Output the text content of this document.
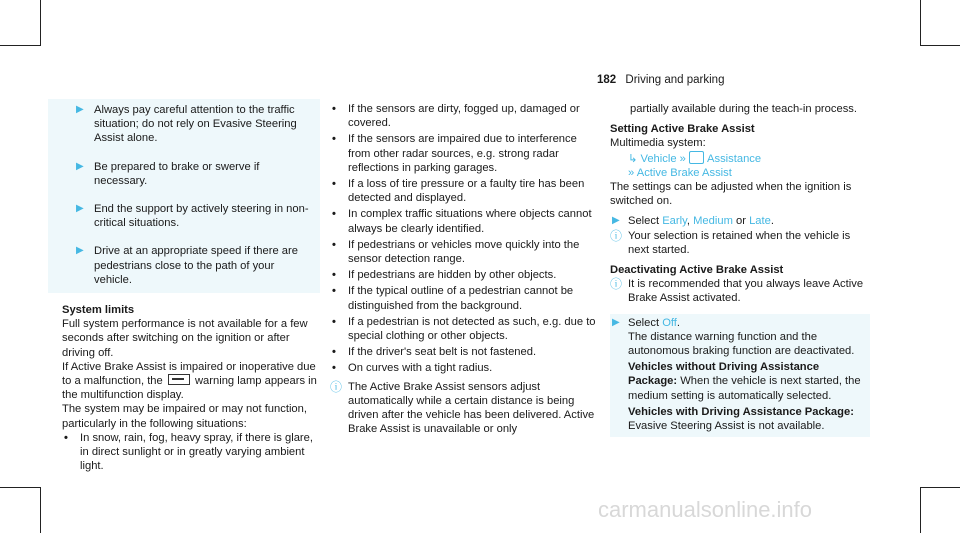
182 Driving and parking
▶ Always pay careful attention to the traffic situation; do not rely on Evasive Steering Assist alone.
▶ Be prepared to brake or swerve if necessary.
▶ End the support by actively steering in non-critical situations.
▶ Drive at an appropriate speed if there are pedestrians close to the path of your vehicle.
System limits
Full system performance is not available for a few seconds after switching on the ignition or after driving off.
If Active Brake Assist is impaired or inoperative due to a malfunction, the	warning lamp appears in the multifunction display.
The system may be impaired or may not function, particularly in the following situations:
• In snow, rain, fog, heavy spray, if there is glare, in direct sunlight or in greatly varying ambient light.
• If the sensors are dirty, fogged up, damaged or covered.
• If the sensors are impaired due to interference from other radar sources, e.g. strong radar reflections in parking garages.
• If a loss of tire pressure or a faulty tire has been detected and displayed.
• In complex traffic situations where objects cannot always be clearly identified.
• If pedestrians or vehicles move quickly into the sensor detection range.
• If pedestrians are hidden by other objects.
• If the typical outline of a pedestrian cannot be distinguished from the background.
• If a pedestrian is not detected as such, e.g. due to special clothing or other objects.
• If the driver's seat belt is not fastened.
• On curves with a tight radius.
ⓘ The Active Brake Assist sensors adjust automatically while a certain distance is being driven after the vehicle has been delivered. Active Brake Assist is unavailable or only
partially available during the teach-in process.
Setting Active Brake Assist
Multimedia system:
↳ Vehicle » Assistance
» Active Brake Assist
The settings can be adjusted when the ignition is switched on.
▶ Select Early, Medium or Late.
ⓘ Your selection is retained when the vehicle is next started.
Deactivating Active Brake Assist
ⓘ It is recommended that you always leave Active Brake Assist activated.
▶ Select Off.
The distance warning function and the autonomous braking function are deactivated.
Vehicles without Driving Assistance Package: When the vehicle is next started, the medium setting is automatically selected.
Vehicles with Driving Assistance Package: Evasive Steering Assist is not available.
carmanualsonline.info
